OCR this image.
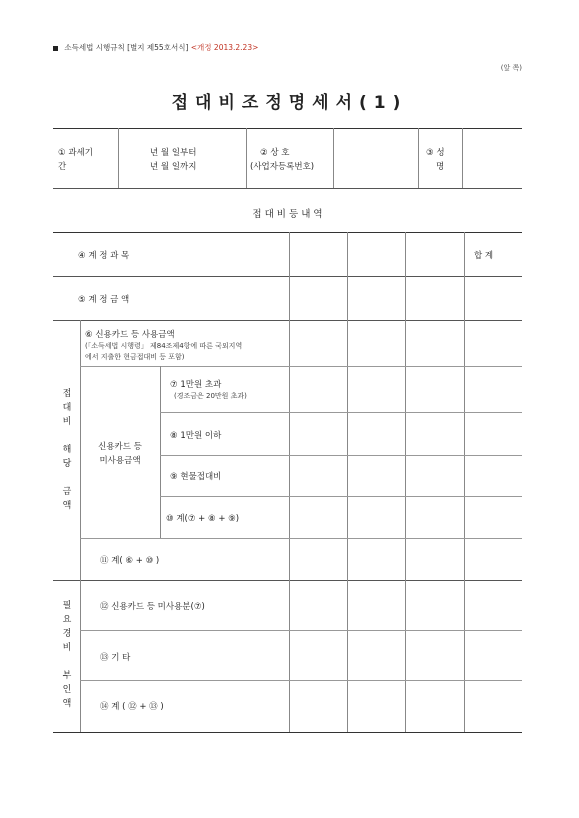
소득세법 시행규칙 [별지 제55호서식] <개정 2013.2.23>
(앞 쪽)
접대비조정명세서(1)
① 과세기
간
년 월 일부터
년 월 일까지
② 상 호
(사업자등록번호)
③ 성
명
접 대 비 등 내 역
④ 계 정 과 목	합 계
⑤ 계 정 금 액
⑥ 신용카드 등 사용금액
(「소득세법 시행령」 제84조제4항에 따른 국외지역
에서 지출한 현금접대비 등 포함)
신용카드 등
미사용금액
⑦ 1만원 초과
(경조금은 20만원 초과)
⑧ 1만원 이하
⑨ 현물접대비
⑩ 계(⑦ + ⑧ + ⑨)
⑪ 계( ⑥ + ⑩ )
접
대
비
해
당
금
액
⑫ 신용카드 등 미사용분(⑦)
⑬ 기 타
⑭ 계 ( ⑫ + ⑬ )
필
요
경
비
부
인
액
